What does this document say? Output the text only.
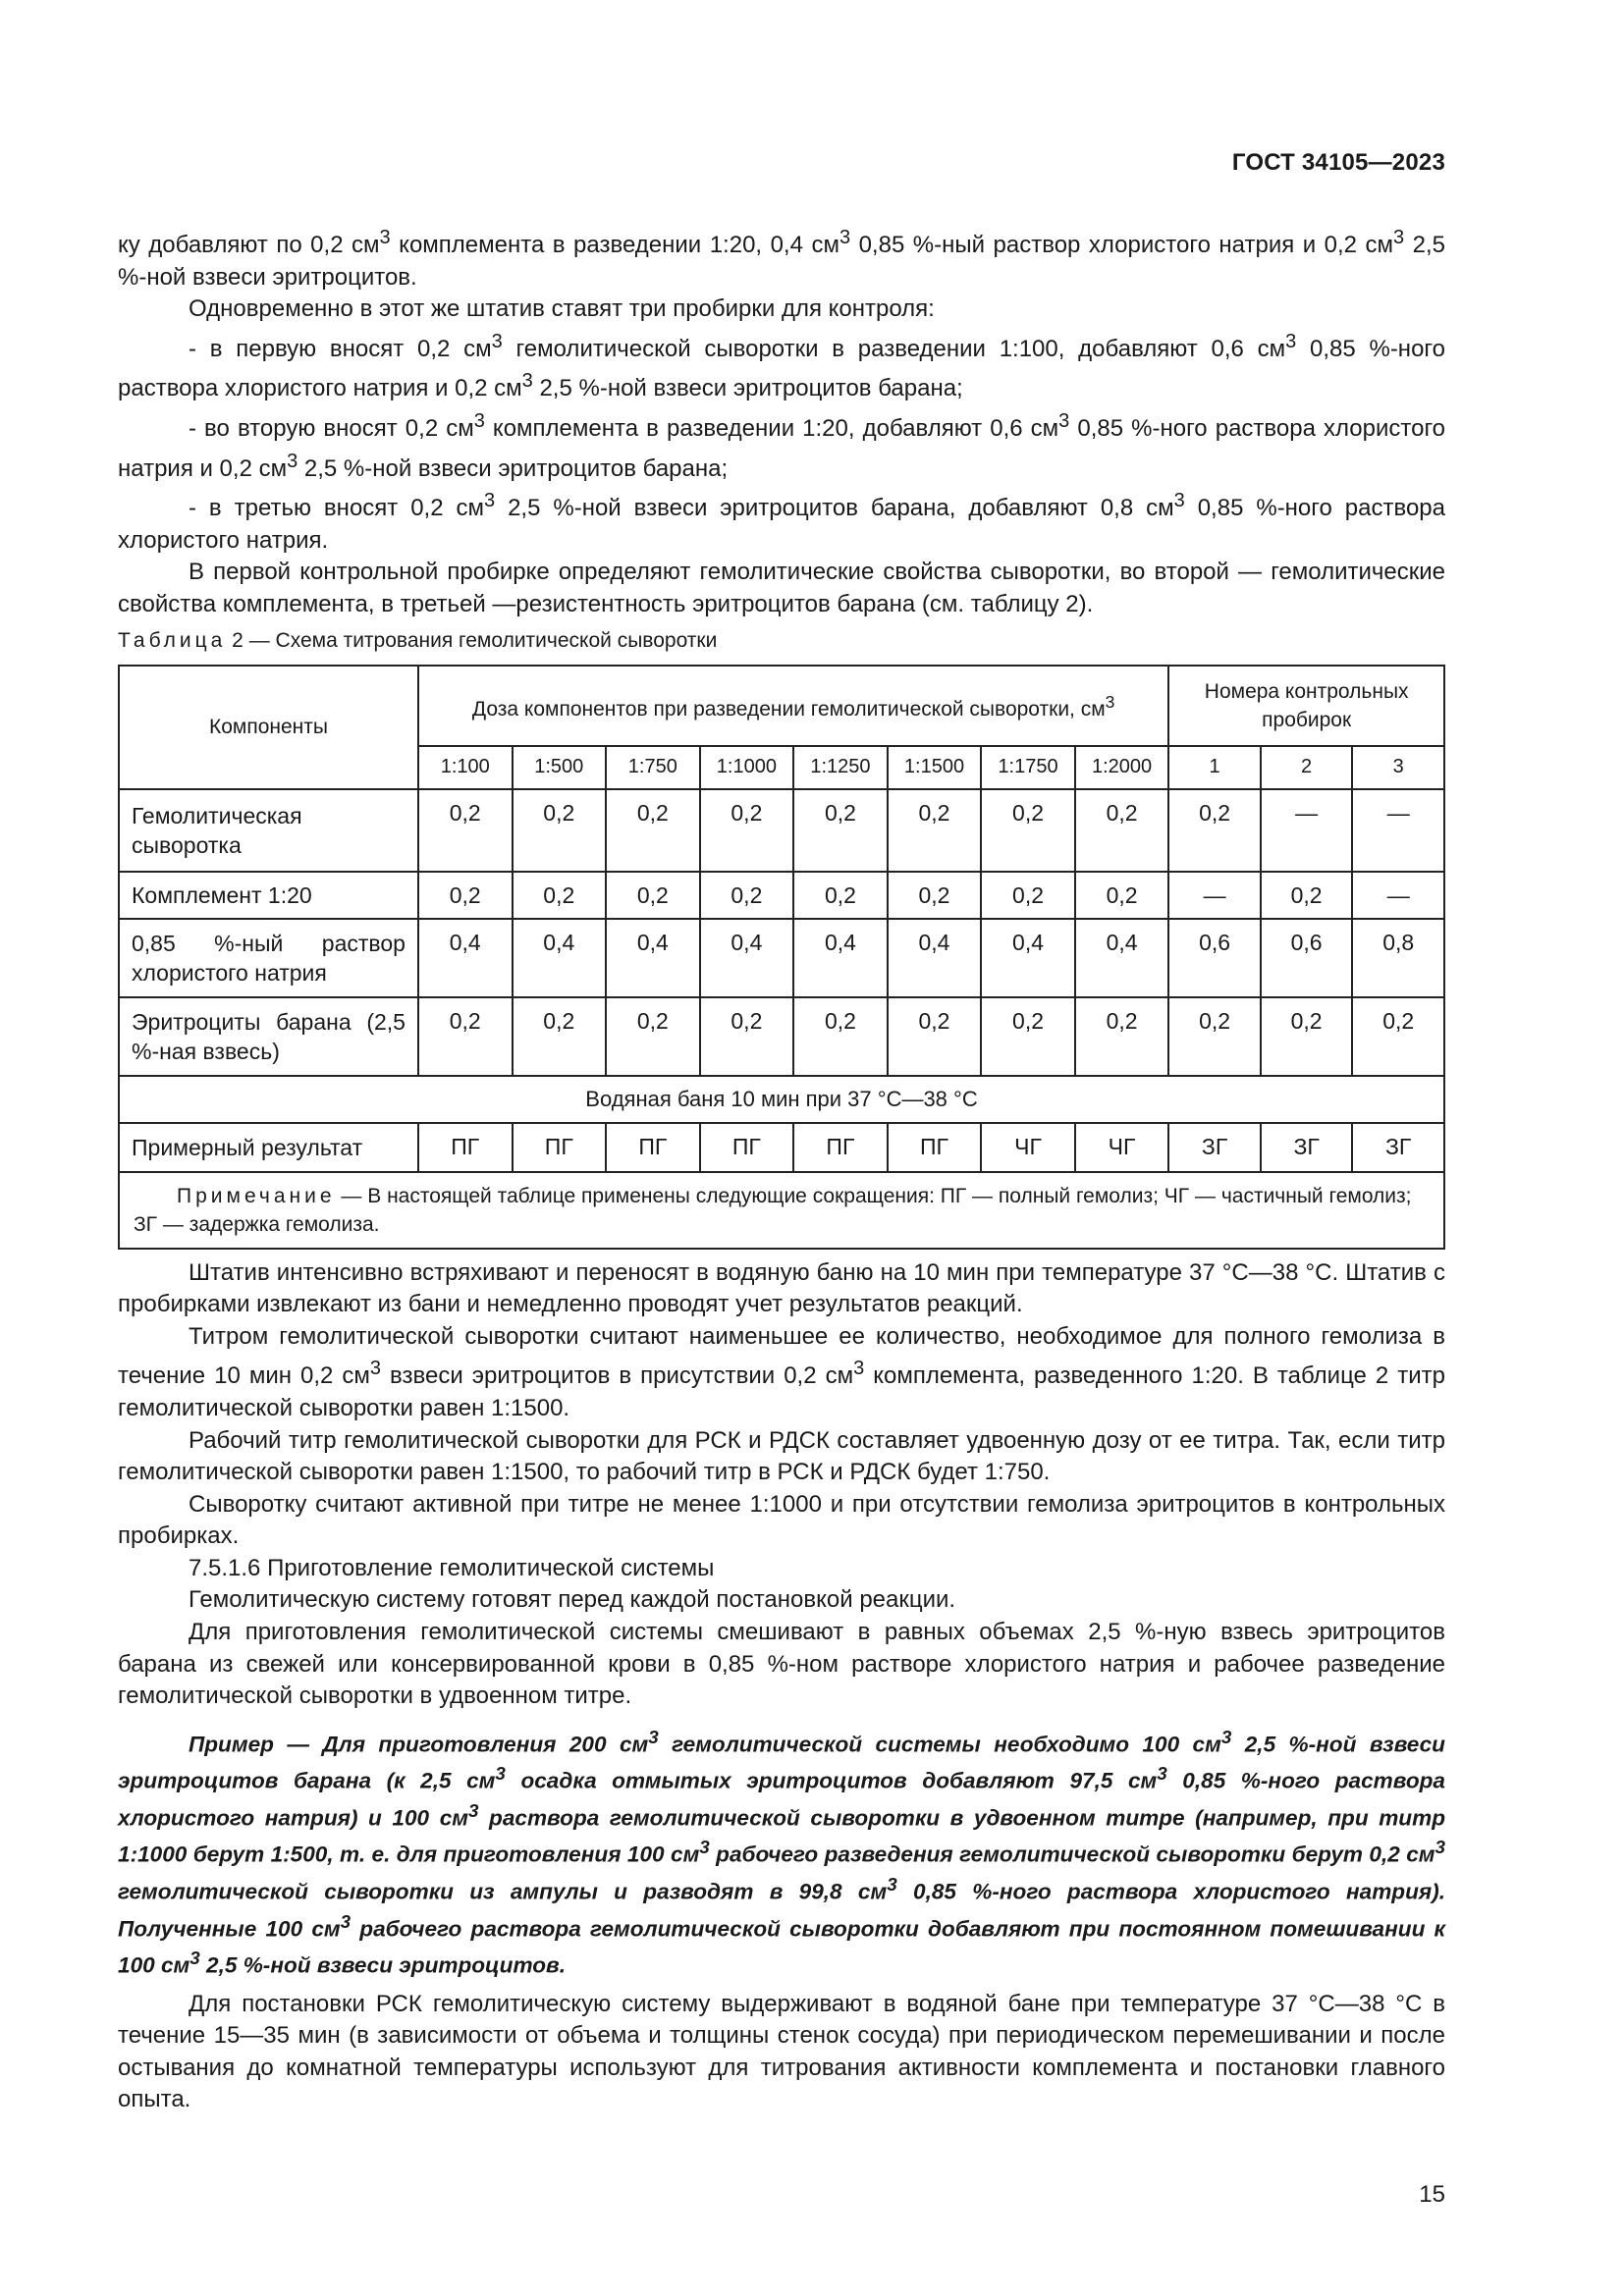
ГОСТ 34105—2023

ку добавляют по 0,2 $см^3$ комплемента в разведении 1:20, 0,4 $см^3$ 0,85 %-ный раствор хлористого натрия и 0,2 $см^3$ 2,5 %-ной взвеси эритроцитов.

Одновременно в этот же штатив ставят три пробирки для контроля:

- в первую вносят 0,2 $см^3$ гемолитической сыворотки в разведении 1:100, добавляют 0,6 $см^3$ 0,85 %-ного раствора хлористого натрия и 0,2 $см^3$ 2,5 %-ной взвеси эритроцитов барана;

- во вторую вносят 0,2 $см^3$ комплемента в разведении 1:20, добавляют 0,6 $см^3$ 0,85 %-ного раствора хлористого натрия и 0,2 $см^3$ 2,5 %-ной взвеси эритроцитов барана;

- в третью вносят 0,2 $см^3$ 2,5 %-ной взвеси эритроцитов барана, добавляют 0,8 $см^3$ 0,85 %-ного раствора хлористого натрия.

В первой контрольной пробирке определяют гемолитические свойства сыворотки, во второй — гемолитические свойства комплемента, в третьей —резистентность эритроцитов барана (см. таблицу 2).

Таблица 2 — Схема титрования гемолитической сыворотки

Компоненты	Доза компонентов при разведении гемолитической сыворотки, $см^3$								Номера контрольных пробирок		
	1:100	1:500	1:750	1:1000	1:1250	1:1500	1:1750	1:2000	1	2	3
Гемолитическая сыворотка	0,2	0,2	0,2	0,2	0,2	0,2	0,2	0,2	0,2	—	—
Комплемент 1:20	0,2	0,2	0,2	0,2	0,2	0,2	0,2	0,2	—	0,2	—
0,85 %-ный раствор хлористого натрия	0,4	0,4	0,4	0,4	0,4	0,4	0,4	0,4	0,6	0,6	0,8
Эритроциты барана (2,5 %-ная взвесь)	0,2	0,2	0,2	0,2	0,2	0,2	0,2	0,2	0,2	0,2	0,2
Водяная баня 10 мин при 37 °С—38 °С											
Примерный результат	ПГ	ПГ	ПГ	ПГ	ПГ	ПГ	ЧГ	ЧГ	ЗГ	ЗГ	ЗГ
Примечание — В настоящей таблице применены следующие сокращения: ПГ — полный гемолиз; ЧГ — частичный гемолиз; ЗГ — задержка гемолиза.											

Штатив интенсивно встряхивают и переносят в водяную баню на 10 мин при температуре 37 °С—38 °С. Штатив с пробирками извлекают из бани и немедленно проводят учет результатов реакций.

Титром гемолитической сыворотки считают наименьшее ее количество, необходимое для полного гемолиза в течение 10 мин 0,2 $см^3$ взвеси эритроцитов в присутствии 0,2 $см^3$ комплемента, разведенного 1:20. В таблице 2 титр гемолитической сыворотки равен 1:1500.

Рабочий титр гемолитической сыворотки для РСК и РДСК составляет удвоенную дозу от ее титра. Так, если титр гемолитической сыворотки равен 1:1500, то рабочий титр в РСК и РДСК будет 1:750.

Сыворотку считают активной при титре не менее 1:1000 и при отсутствии гемолиза эритроцитов в контрольных пробирках.

7.5.1.6 Приготовление гемолитической системы

Гемолитическую систему готовят перед каждой постановкой реакции.

Для приготовления гемолитической системы смешивают в равных объемах 2,5 %-ную взвесь эритроцитов барана из свежей или консервированной крови в 0,85 %-ном растворе хлористого натрия и рабочее разведение гемолитической сыворотки в удвоенном титре.

Пример — Для приготовления 200 $см^3$ гемолитической системы необходимо 100 $см^3$ 2,5 %-ной взвеси эритроцитов барана (к 2,5 $см^3$ осадка отмытых эритроцитов добавляют 97,5 $см^3$ 0,85 %-ного раствора хлористого натрия) и 100 $см^3$ раствора гемолитической сыворотки в удвоенном титре (например, при титр 1:1000 берут 1:500, т. е. для приготовления 100 $см^3$ рабочего разведения гемолитической сыворотки берут 0,2 $см^3$ гемолитической сыворотки из ампулы и разводят в 99,8 $см^3$ 0,85 %-ного раствора хлористого натрия). Полученные 100 $см^3$ рабочего раствора гемолитической сыворотки добавляют при постоянном помешивании к 100 $см^3$ 2,5 %-ной взвеси эритроцитов.

Для постановки РСК гемолитическую систему выдерживают в водяной бане при температуре 37 °С—38 °С в течение 15—35 мин (в зависимости от объема и толщины стенок сосуда) при периодическом перемешивании и после остывания до комнатной температуры используют для титрования активности комплемента и постановки главного опыта.

15
